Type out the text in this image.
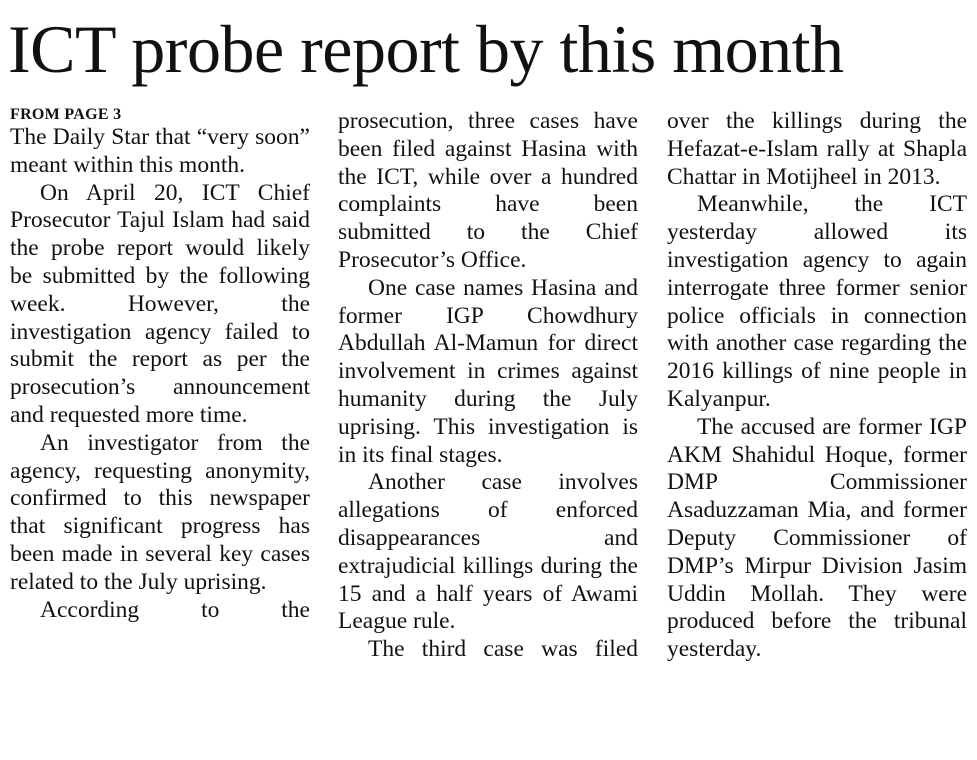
ICT probe report by this month
FROM PAGE 3

The Daily Star that “very soon” meant within this month.

On April 20, ICT Chief Prosecutor Tajul Islam had said the probe report would likely be submitted by the following week. However, the investigation agency failed to submit the report as per the prosecution’s announcement and requested more time.

An investigator from the agency, requesting anonymity, confirmed to this newspaper that significant progress has been made in several key cases related to the July uprising.

According to the

prosecution, three cases have been filed against Hasina with the ICT, while over a hundred complaints have been submitted to the Chief Prosecutor’s Office.

One case names Hasina and former IGP Chowdhury Abdullah Al-Mamun for direct involvement in crimes against humanity during the July uprising. This investigation is in its final stages.

Another case involves allegations of enforced disappearances and extrajudicial killings during the 15 and a half years of Awami League rule.

The third case was filed

over the killings during the Hefazat-e-Islam rally at Shapla Chattar in Motijheel in 2013.

Meanwhile, the ICT yesterday allowed its investigation agency to again interrogate three former senior police officials in connection with another case regarding the 2016 killings of nine people in Kalyanpur.

The accused are former IGP AKM Shahidul Hoque, former DMP Commissioner Asaduzzaman Mia, and former Deputy Commissioner of DMP’s Mirpur Division Jasim Uddin Mollah. They were produced before the tribunal yesterday.
